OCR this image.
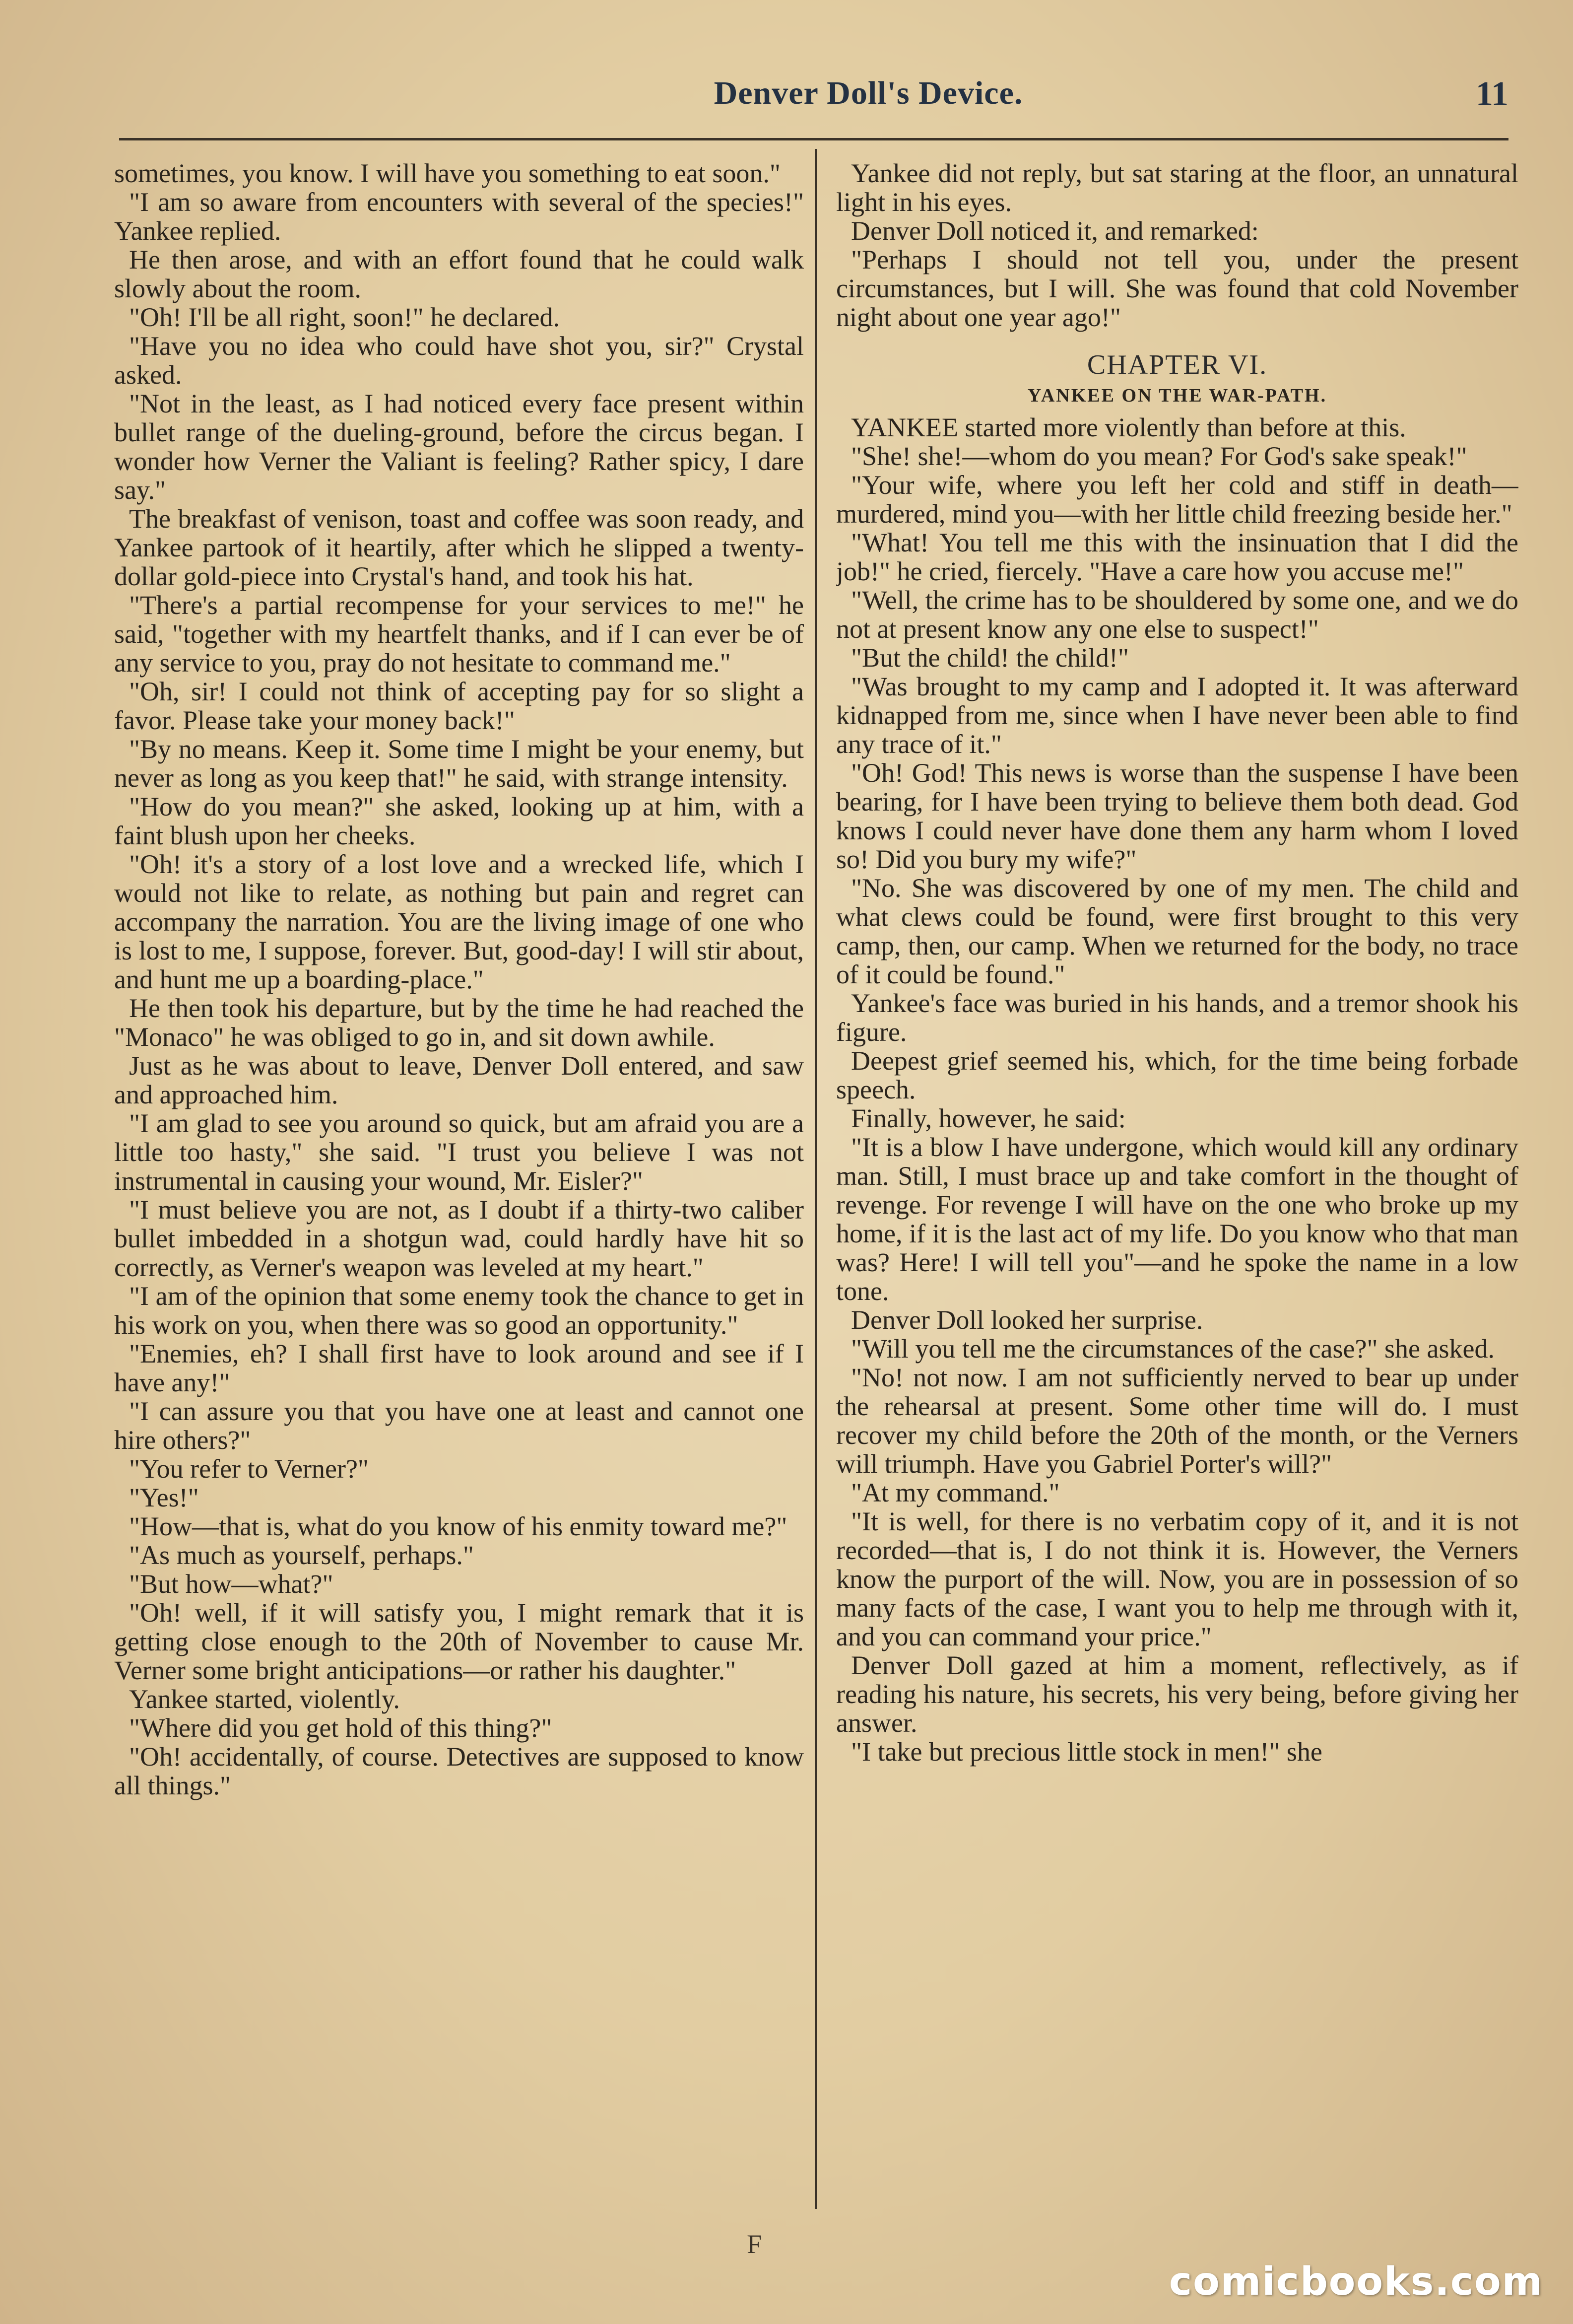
Denver Doll's Device.	11

sometimes, you know. I will have you something to eat soon."

"I am so aware from encounters with several of the species!" Yankee replied.

He then arose, and with an effort found that he could walk slowly about the room.

"Oh! I'll be all right, soon!" he declared.

"Have you no idea who could have shot you, sir?" Crystal asked.

"Not in the least, as I had noticed every face present within bullet range of the dueling-ground, before the circus began. I wonder how Verner the Valiant is feeling? Rather spicy, I dare say."

The breakfast of venison, toast and coffee was soon ready, and Yankee partook of it heartily, after which he slipped a twenty-dollar gold-piece into Crystal's hand, and took his hat.

"There's a partial recompense for your services to me!" he said, "together with my heartfelt thanks, and if I can ever be of any service to you, pray do not hesitate to command me."

"Oh, sir! I could not think of accepting pay for so slight a favor. Please take your money back!"

"By no means. Keep it. Some time I might be your enemy, but never as long as you keep that!" he said, with strange intensity.

"How do you mean?" she asked, looking up at him, with a faint blush upon her cheeks.

"Oh! it's a story of a lost love and a wrecked life, which I would not like to relate, as nothing but pain and regret can accompany the narration. You are the living image of one who is lost to me, I suppose, forever. But, good-day! I will stir about, and hunt me up a boarding-place."

He then took his departure, but by the time he had reached the "Monaco" he was obliged to go in, and sit down awhile.

Just as he was about to leave, Denver Doll entered, and saw and approached him.

"I am glad to see you around so quick, but am afraid you are a little too hasty," she said. "I trust you believe I was not instrumental in causing your wound, Mr. Eisler?"

"I must believe you are not, as I doubt if a thirty-two caliber bullet imbedded in a shotgun wad, could hardly have hit so correctly, as Verner's weapon was leveled at my heart."

"I am of the opinion that some enemy took the chance to get in his work on you, when there was so good an opportunity."

"Enemies, eh? I shall first have to look around and see if I have any!"

"I can assure you that you have one at least and cannot one hire others?"

"You refer to Verner?"

"Yes!"

"How—that is, what do you know of his enmity toward me?"

"As much as yourself, perhaps."

"But how—what?"

"Oh! well, if it will satisfy you, I might remark that it is getting close enough to the 20th of November to cause Mr. Verner some bright anticipations—or rather his daughter."

Yankee started, violently.

"Where did you get hold of this thing?"

"Oh! accidentally, of course. Detectives are supposed to know all things."

Yankee did not reply, but sat staring at the floor, an unnatural light in his eyes.

Denver Doll noticed it, and remarked:

"Perhaps I should not tell you, under the present circumstances, but I will. She was found that cold November night about one year ago!"

CHAPTER VI.
YANKEE ON THE WAR-PATH.

YANKEE started more violently than before at this.

"She! she!—whom do you mean? For God's sake speak!"

"Your wife, where you left her cold and stiff in death—murdered, mind you—with her little child freezing beside her."

"What! You tell me this with the insinuation that I did the job!" he cried, fiercely. "Have a care how you accuse me!"

"Well, the crime has to be shouldered by some one, and we do not at present know any one else to suspect!"

"But the child! the child!"

"Was brought to my camp and I adopted it. It was afterward kidnapped from me, since when I have never been able to find any trace of it."

"Oh! God! This news is worse than the suspense I have been bearing, for I have been trying to believe them both dead. God knows I could never have done them any harm whom I loved so! Did you bury my wife?"

"No. She was discovered by one of my men. The child and what clews could be found, were first brought to this very camp, then, our camp. When we returned for the body, no trace of it could be found."

Yankee's face was buried in his hands, and a tremor shook his figure.

Deepest grief seemed his, which, for the time being forbade speech.

Finally, however, he said:

"It is a blow I have undergone, which would kill any ordinary man. Still, I must brace up and take comfort in the thought of revenge. For revenge I will have on the one who broke up my home, if it is the last act of my life. Do you know who that man was? Here! I will tell you"—and he spoke the name in a low tone.

Denver Doll looked her surprise.

"Will you tell me the circumstances of the case?" she asked.

"No! not now. I am not sufficiently nerved to bear up under the rehearsal at present. Some other time will do. I must recover my child before the 20th of the month, or the Verners will triumph. Have you Gabriel Porter's will?"

"At my command."

"It is well, for there is no verbatim copy of it, and it is not recorded—that is, I do not think it is. However, the Verners know the purport of the will. Now, you are in possession of so many facts of the case, I want you to help me through with it, and you can command your price."

Denver Doll gazed at him a moment, reflectively, as if reading his nature, his secrets, his very being, before giving her answer.

"I take but precious little stock in men!" she

F
comicbooks.com
